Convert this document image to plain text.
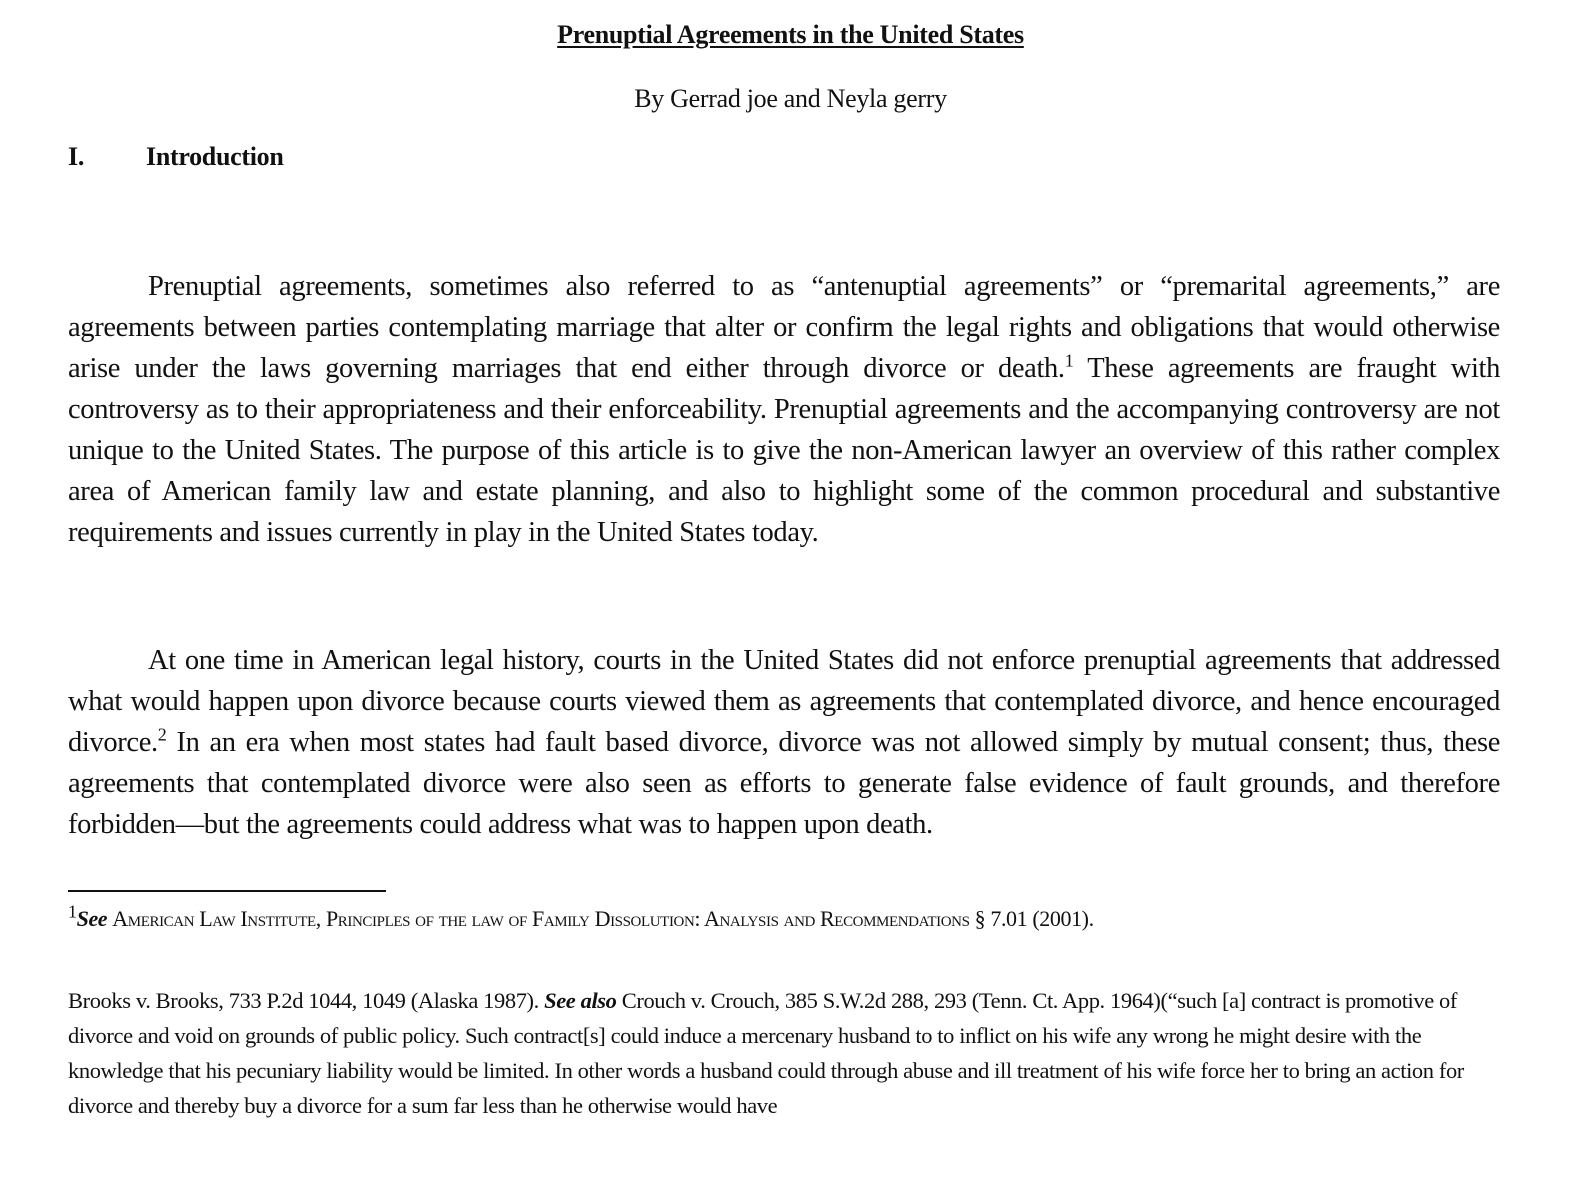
Prenuptial Agreements in the United States
By Gerrad joe and Neyla gerry
I. Introduction

Prenuptial agreements, sometimes also referred to as “antenuptial agreements” or “premarital agreements,” are agreements between parties contemplating marriage that alter or confirm the legal rights and obligations that would otherwise arise under the laws governing marriages that end either through divorce or death.$^1$ These agreements are fraught with controversy as to their appropriateness and their enforceability. Prenuptial agreements and the accompanying controversy are not unique to the United States. The purpose of this article is to give the non-American lawyer an overview of this rather complex area of American family law and estate planning, and also to highlight some of the common procedural and substantive requirements and issues currently in play in the United States today.

At one time in American legal history, courts in the United States did not enforce prenuptial agreements that addressed what would happen upon divorce because courts viewed them as agreements that contemplated divorce, and hence encouraged divorce.$^2$ In an era when most states had fault based divorce, divorce was not allowed simply by mutual consent; thus, these agreements that contemplated divorce were also seen as efforts to generate false evidence of fault grounds, and therefore forbidden—but the agreements could address what was to happen upon death.

$^1$See American Law Institute, Principles of the law of Family Dissolution: Analysis and Recommendations § 7.01 (2001).

Brooks v. Brooks, 733 P.2d 1044, 1049 (Alaska 1987). See also Crouch v. Crouch, 385 S.W.2d 288, 293 (Tenn. Ct. App. 1964)(“such [a] contract is promotive of divorce and void on grounds of public policy. Such contract[s] could induce a mercenary husband to to inflict on his wife any wrong he might desire with the knowledge that his pecuniary liability would be limited. In other words a husband could through abuse and ill treatment of his wife force her to bring an action for divorce and thereby buy a divorce for a sum far less than he otherwise would have
